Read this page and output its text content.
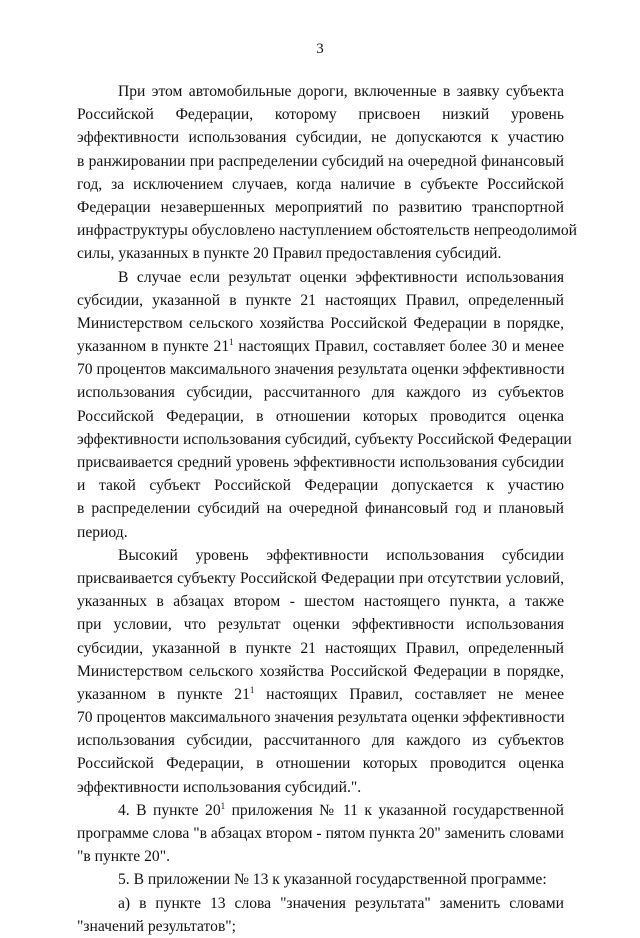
3
При этом автомобильные дороги, включенные в заявку субъекта
Российской Федерации, которому присвоен низкий уровень
эффективности использования субсидии, не допускаются к участию
в ранжировании при распределении субсидий на очередной финансовый
год, за исключением случаев, когда наличие в субъекте Российской
Федерации незавершенных мероприятий по развитию транспортной
инфраструктуры обусловлено наступлением обстоятельств непреодолимой
силы, указанных в пункте 20 Правил предоставления субсидий.
В случае если результат оценки эффективности использования
субсидии, указанной в пункте 21 настоящих Правил, определенный
Министерством сельского хозяйства Российской Федерации в порядке,
указанном в пункте $21^1$ настоящих Правил, составляет более 30 и менее
70 процентов максимального значения результата оценки эффективности
использования субсидии, рассчитанного для каждого из субъектов
Российской Федерации, в отношении которых проводится оценка
эффективности использования субсидий, субъекту Российской Федерации
присваивается средний уровень эффективности использования субсидии
и такой субъект Российской Федерации допускается к участию
в распределении субсидий на очередной финансовый год и плановый
период.
Высокий уровень эффективности использования субсидии
присваивается субъекту Российской Федерации при отсутствии условий,
указанных в абзацах втором - шестом настоящего пункта, а также
при условии, что результат оценки эффективности использования
субсидии, указанной в пункте 21 настоящих Правил, определенный
Министерством сельского хозяйства Российской Федерации в порядке,
указанном в пункте $21^1$ настоящих Правил, составляет не менее
70 процентов максимального значения результата оценки эффективности
использования субсидии, рассчитанного для каждого из субъектов
Российской Федерации, в отношении которых проводится оценка
эффективности использования субсидий.".
4. В пункте $20^1$ приложения № 11 к указанной государственной
программе слова "в абзацах втором - пятом пункта 20" заменить словами
"в пункте 20".
5. В приложении № 13 к указанной государственной программе:
а) в пункте 13 слова "значения результата" заменить словами
"значений результатов";
